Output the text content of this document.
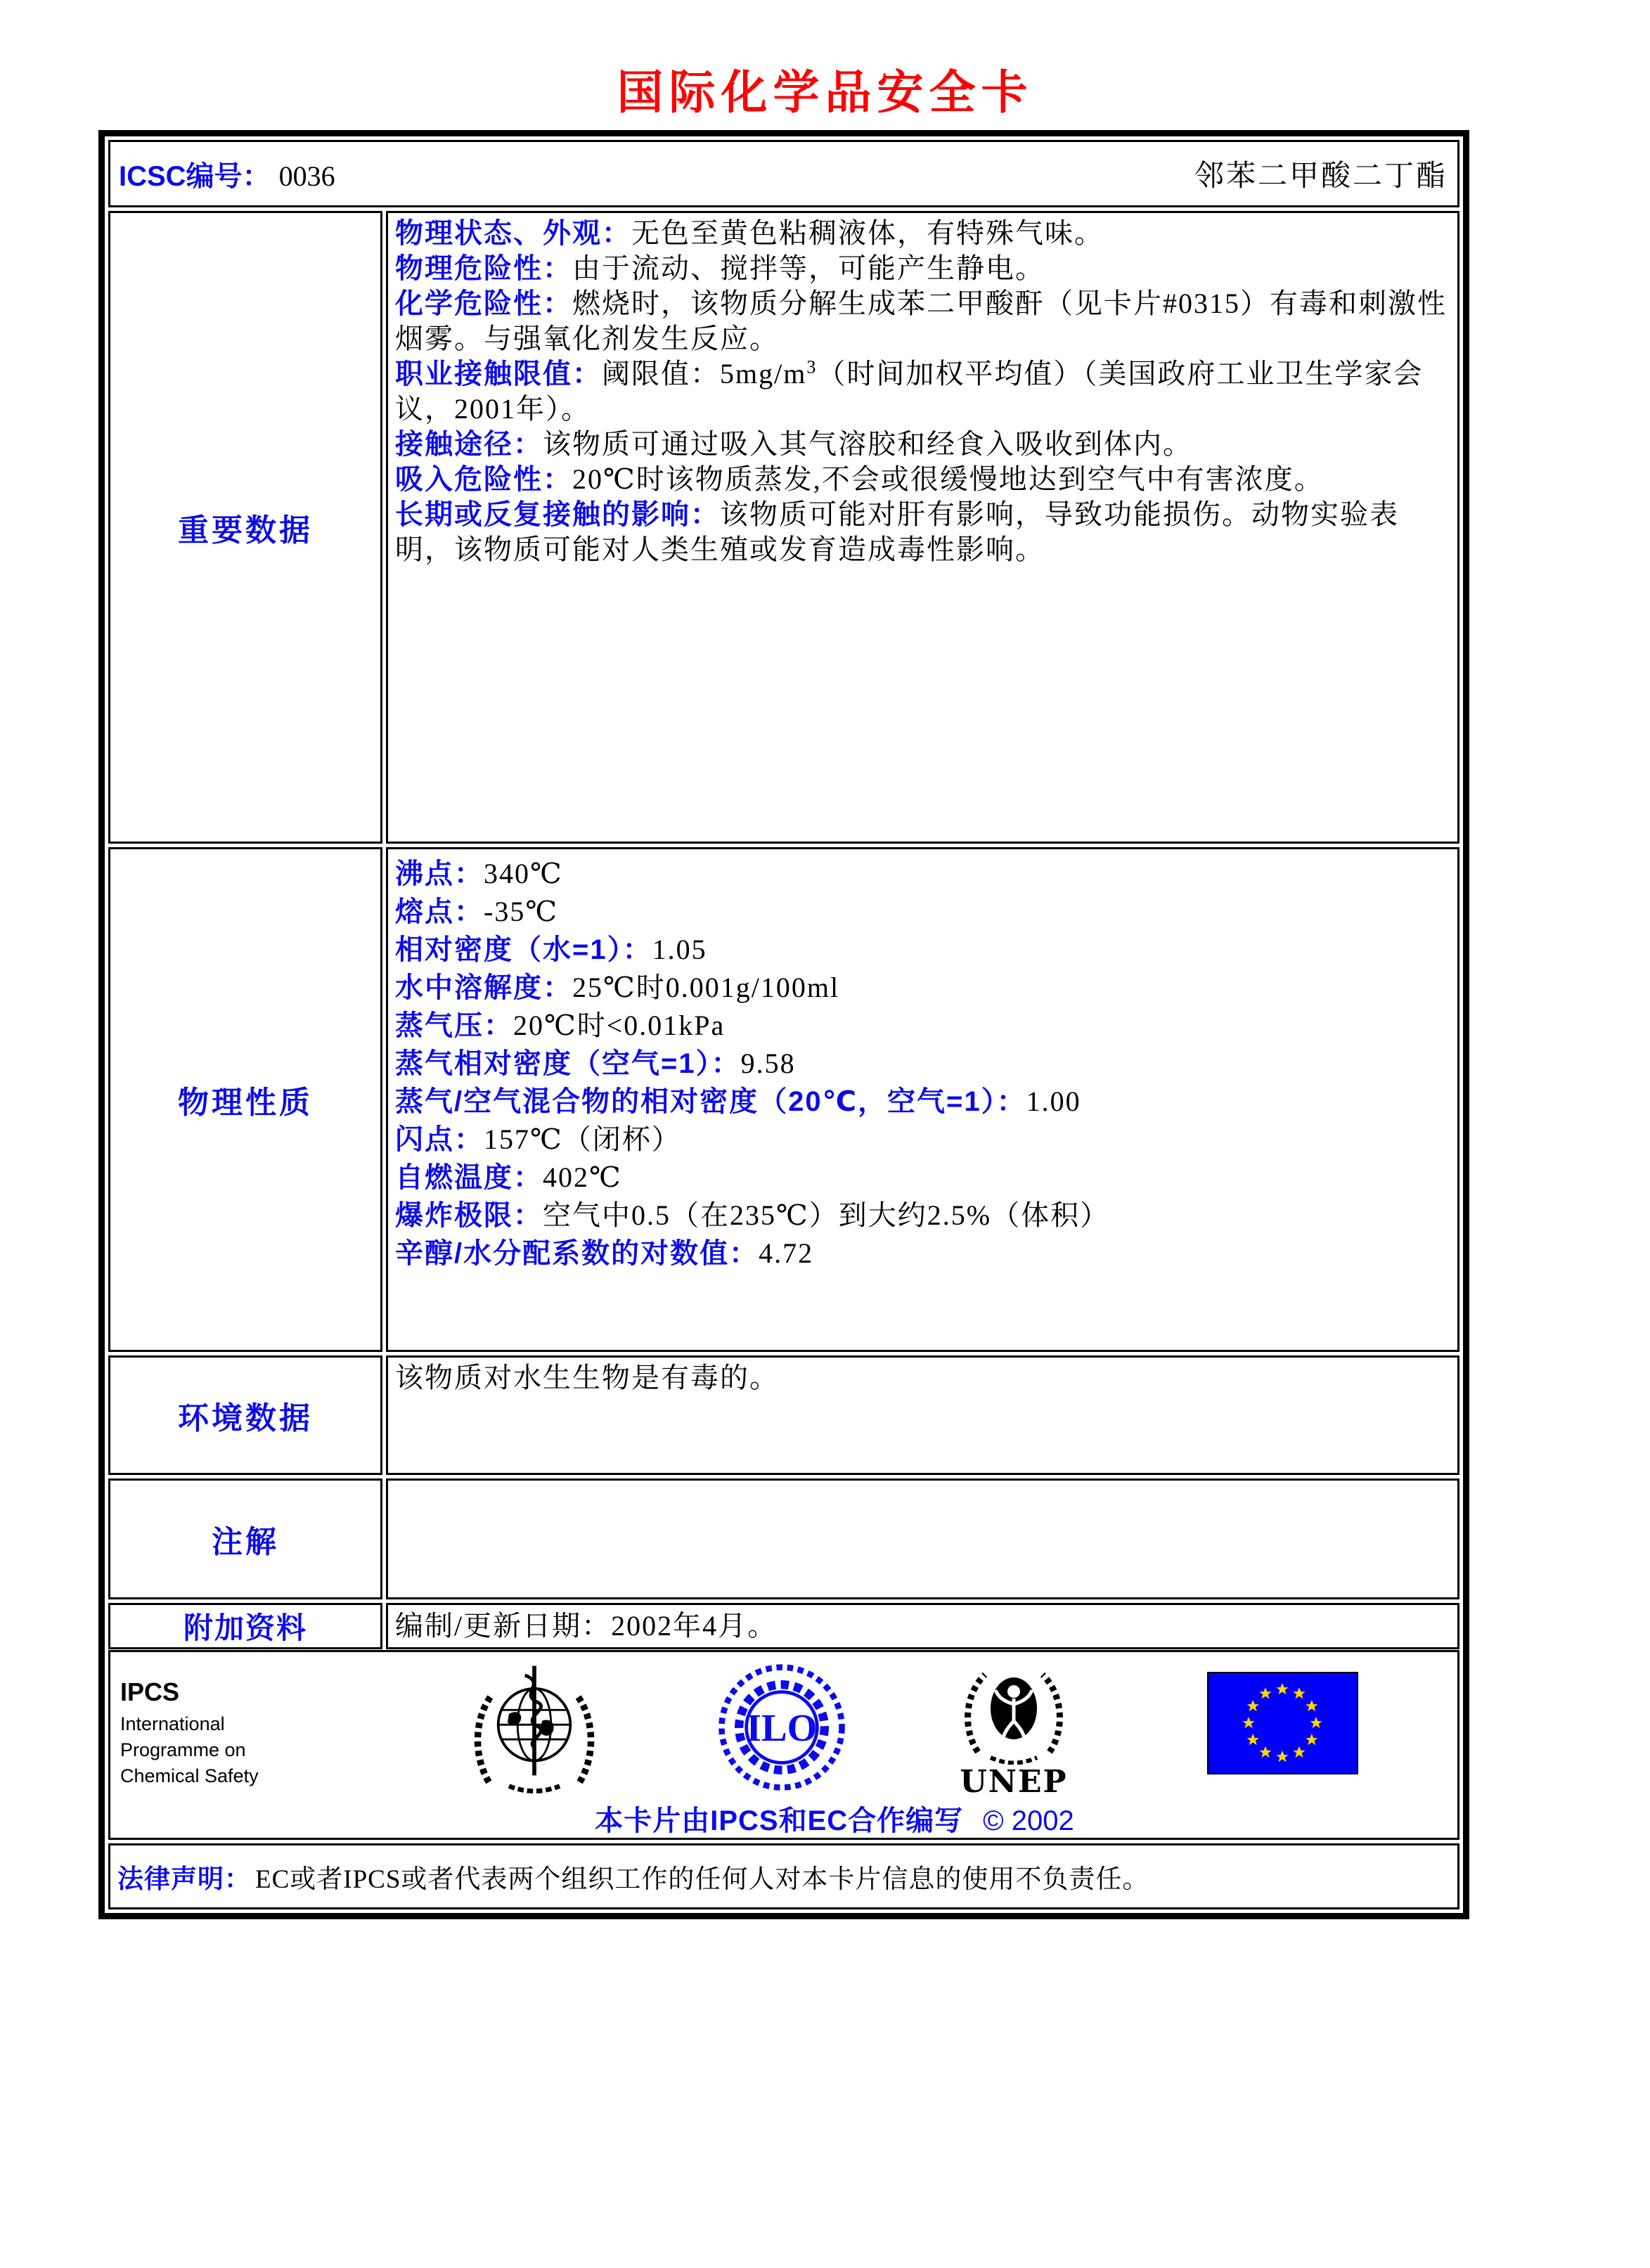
国际化学品安全卡
ICSC编号： 0036	邻苯二甲酸二丁酯
重要数据
物理状态、外观：无色至黄色粘稠液体，有特殊气味。
物理危险性：由于流动、搅拌等，可能产生静电。
化学危险性：燃烧时，该物质分解生成苯二甲酸酐（见卡片#0315）有毒和刺激性烟雾。与强氧化剂发生反应。
职业接触限值：阈限值：$5mg/m^3$（时间加权平均值）（美国政府工业卫生学家会议，2001年）。
接触途径：该物质可通过吸入其气溶胶和经食入吸收到体内。
吸入危险性：20℃时该物质蒸发,不会或很缓慢地达到空气中有害浓度。
长期或反复接触的影响：该物质可能对肝有影响，导致功能损伤。动物实验表明，该物质可能对人类生殖或发育造成毒性影响。
物理性质
沸点：340℃
熔点：-35℃
相对密度（水=1）：1.05
水中溶解度：25℃时0.001g/100ml
蒸气压：20℃时<0.01kPa
蒸气相对密度（空气=1）：9.58
蒸气/空气混合物的相对密度（20℃，空气=1）：1.00
闪点：157℃（闭杯）
自燃温度：402℃
爆炸极限：空气中0.5（在235℃）到大约2.5%（体积）
辛醇/水分配系数的对数值：4.72
环境数据
该物质对水生生物是有毒的。
注解
附加资料	编制/更新日期：2002年4月。
IPCS
International
Programme on
Chemical Safety
ILO
UNEP
本卡片由IPCS和EC合作编写 © 2002
法律声明： EC或者IPCS或者代表两个组织工作的任何人对本卡片信息的使用不负责任。
